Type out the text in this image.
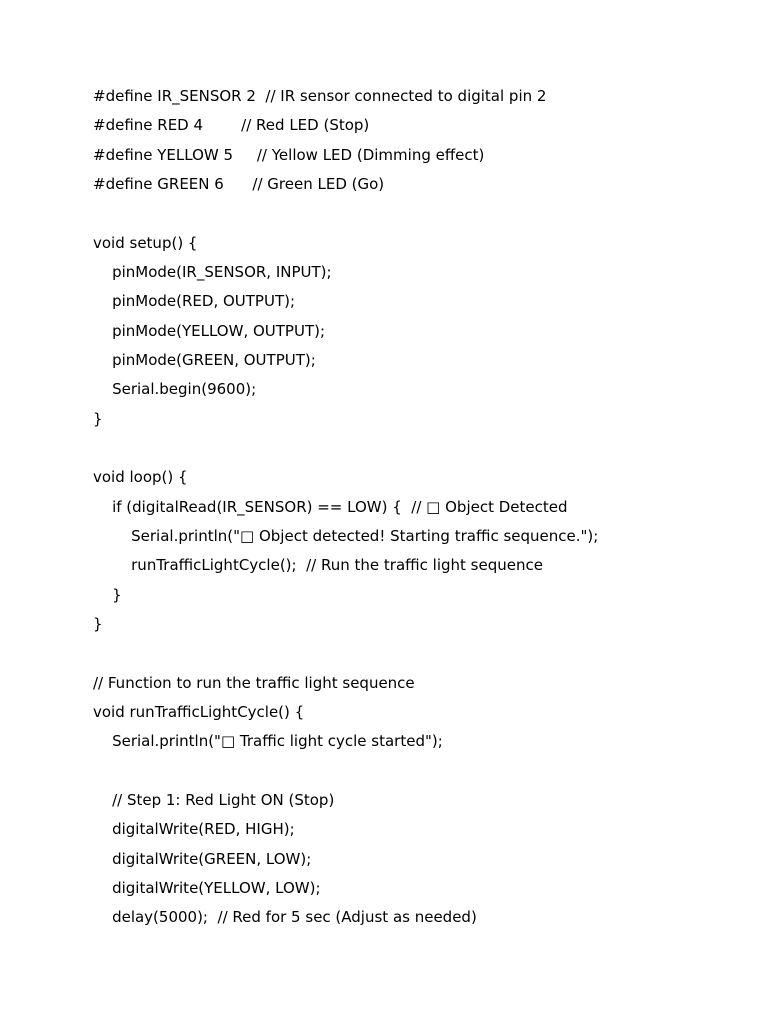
#define IR_SENSOR 2  // IR sensor connected to digital pin 2
#define RED 4        // Red LED (Stop)
#define YELLOW 5     // Yellow LED (Dimming effect)
#define GREEN 6      // Green LED (Go)
void setup() {
pinMode(IR_SENSOR, INPUT);
pinMode(RED, OUTPUT);
pinMode(YELLOW, OUTPUT);
pinMode(GREEN, OUTPUT);
Serial.begin(9600);
}
void loop() {
if (digitalRead(IR_SENSOR) == LOW) {  // □ Object Detected
Serial.println("□ Object detected! Starting traffic sequence.");
runTrafficLightCycle();  // Run the traffic light sequence
}
}
// Function to run the traffic light sequence
void runTrafficLightCycle() {
Serial.println("□ Traffic light cycle started");
// Step 1: Red Light ON (Stop)
digitalWrite(RED, HIGH);
digitalWrite(GREEN, LOW);
digitalWrite(YELLOW, LOW);
delay(5000);  // Red for 5 sec (Adjust as needed)
